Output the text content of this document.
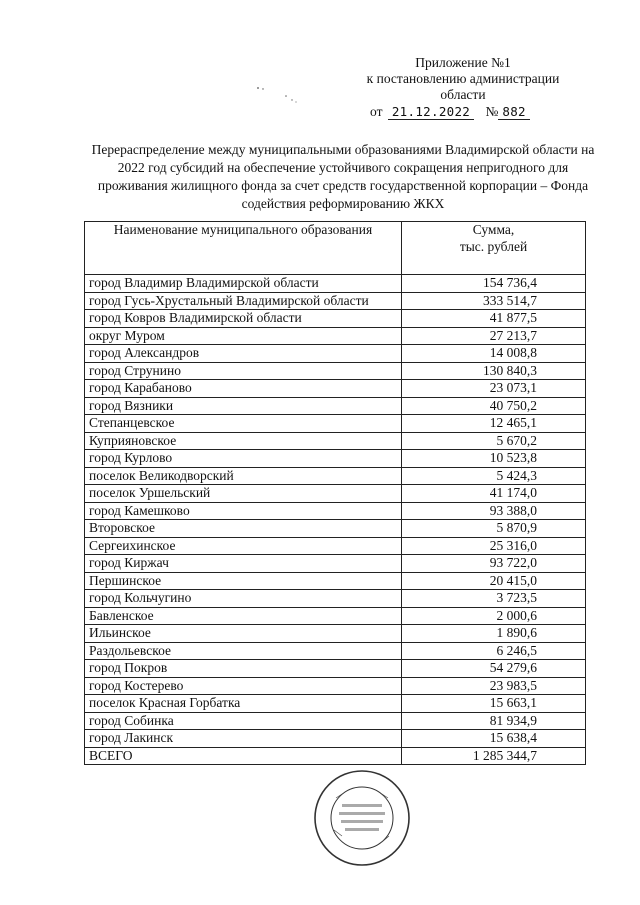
Приложение №1
к постановлению администрации
области
от 21.12.2022 № 882
Перераспределение между муниципальными образованиями Владимирской области на 2022 год субсидий на обеспечение устойчивого сокращения непригодного для проживания жилищного фонда за счет средств государственной корпорации – Фонда содействия реформированию ЖКХ
Наименование муниципального образования	Сумма,
тыс. рублей

город Владимир Владимирской области	154 736,4
город Гусь-Хрустальный Владимирской области	333 514,7
город Ковров Владимирской области	41 877,5
округ Муром	27 213,7
город Александров	14 008,8
город Струнино	130 840,3
город Карабаново	23 073,1
город Вязники	40 750,2
Степанцевское	12 465,1
Куприяновское	5 670,2
город Курлово	10 523,8
поселок Великодворский	5 424,3
поселок Уршельский	41 174,0
город Камешково	93 388,0
Второвское	5 870,9
Сергеихинское	25 316,0
город Киржач	93 722,0
Першинское	20 415,0
город Кольчугино	3 723,5
Бавленское	2 000,6
Ильинское	1 890,6
Раздольевское	6 246,5
город Покров	54 279,6
город Костерево	23 983,5
поселок Красная Горбатка	15 663,1
город Собинка	81 934,9
город Лакинск	15 638,4
ВСЕГО	1 285 344,7
